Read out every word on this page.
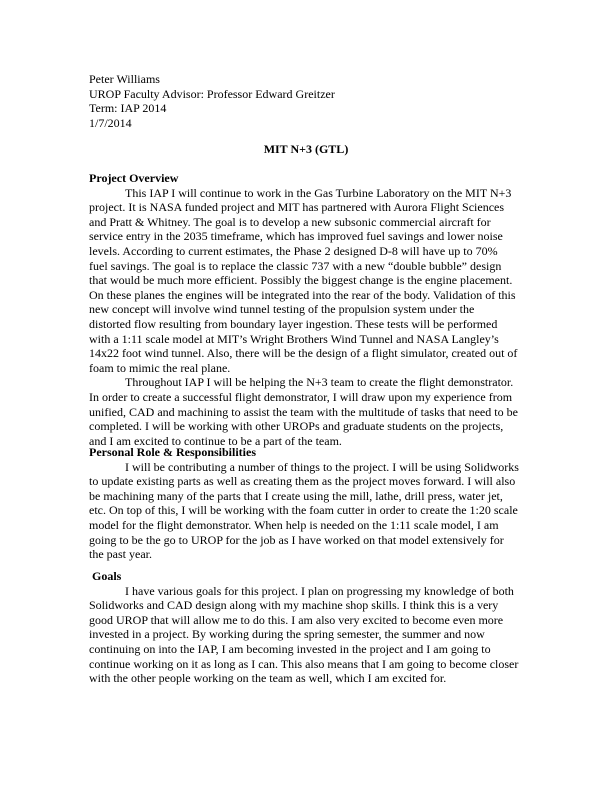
Peter Williams
UROP Faculty Advisor: Professor Edward Greitzer
Term: IAP 2014
1/7/2014
MIT N+3 (GTL)
Project Overview

This IAP I will continue to work in the Gas Turbine Laboratory on the MIT N+3 project. It is NASA funded project and MIT has partnered with Aurora Flight Sciences and Pratt & Whitney. The goal is to develop a new subsonic commercial aircraft for service entry in the 2035 timeframe, which has improved fuel savings and lower noise levels. According to current estimates, the Phase 2 designed D-8 will have up to 70% fuel savings. The goal is to replace the classic 737 with a new “double bubble” design that would be much more efficient. Possibly the biggest change is the engine placement. On these planes the engines will be integrated into the rear of the body. Validation of this new concept will involve wind tunnel testing of the propulsion system under the distorted flow resulting from boundary layer ingestion. These tests will be performed with a 1:11 scale model at MIT’s Wright Brothers Wind Tunnel and NASA Langley’s 14x22 foot wind tunnel. Also, there will be the design of a flight simulator, created out of foam to mimic the real plane.

Throughout IAP I will be helping the N+3 team to create the flight demonstrator. In order to create a successful flight demonstrator, I will draw upon my experience from unified, CAD and machining to assist the team with the multitude of tasks that need to be completed. I will be working with other UROPs and graduate students on the projects, and I am excited to continue to be a part of the team.

Personal Role & Responsibilities

I will be contributing a number of things to the project. I will be using Solidworks to update existing parts as well as creating them as the project moves forward. I will also be machining many of the parts that I create using the mill, lathe, drill press, water jet, etc. On top of this, I will be working with the foam cutter in order to create the 1:20 scale model for the flight demonstrator. When help is needed on the 1:11 scale model, I am going to be the go to UROP for the job as I have worked on that model extensively for the past year.

Goals

I have various goals for this project. I plan on progressing my knowledge of both Solidworks and CAD design along with my machine shop skills. I think this is a very good UROP that will allow me to do this. I am also very excited to become even more invested in a project. By working during the spring semester, the summer and now continuing on into the IAP, I am becoming invested in the project and I am going to continue working on it as long as I can. This also means that I am going to become closer with the other people working on the team as well, which I am excited for.
